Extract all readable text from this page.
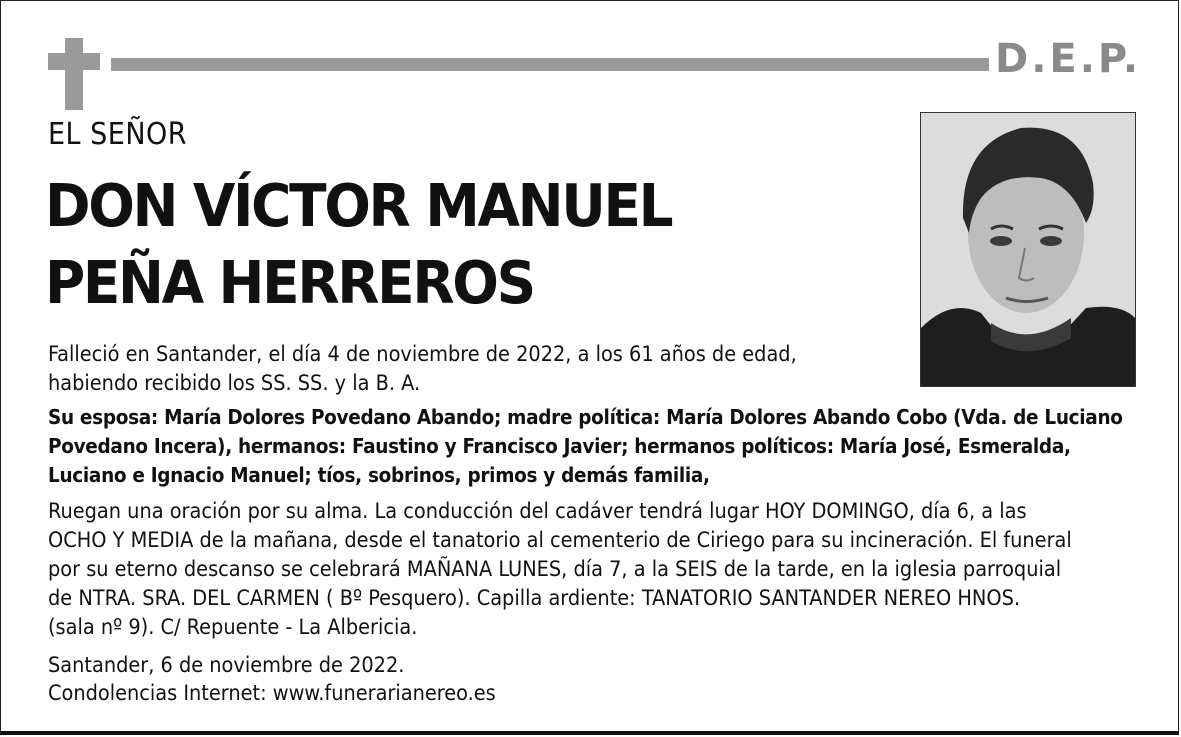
D.E.P.
EL SEÑOR
DON VÍCTOR MANUEL
PEÑA HERREROS
Falleció en Santander, el día 4 de noviembre de 2022, a los 61 años de edad,
habiendo recibido los SS. SS. y la B. A.
Su esposa: María Dolores Povedano Abando; madre política: María Dolores Abando Cobo (Vda. de Luciano
Povedano Incera), hermanos: Faustino y Francisco Javier; hermanos políticos: María José, Esmeralda,
Luciano e Ignacio Manuel; tíos, sobrinos, primos y demás familia,
Ruegan una oración por su alma. La conducción del cadáver tendrá lugar HOY DOMINGO, día 6, a las
OCHO Y MEDIA de la mañana, desde el tanatorio al cementerio de Ciriego para su incineración. El funeral
por su eterno descanso se celebrará MAÑANA LUNES, día 7, a la SEIS de la tarde, en la iglesia parroquial
de NTRA. SRA. DEL CARMEN ( Bº Pesquero). Capilla ardiente: TANATORIO SANTANDER NEREO HNOS.
(sala nº 9). C/ Repuente - La Albericia.
Santander, 6 de noviembre de 2022.
Condolencias Internet: www.funerarianereo.es
